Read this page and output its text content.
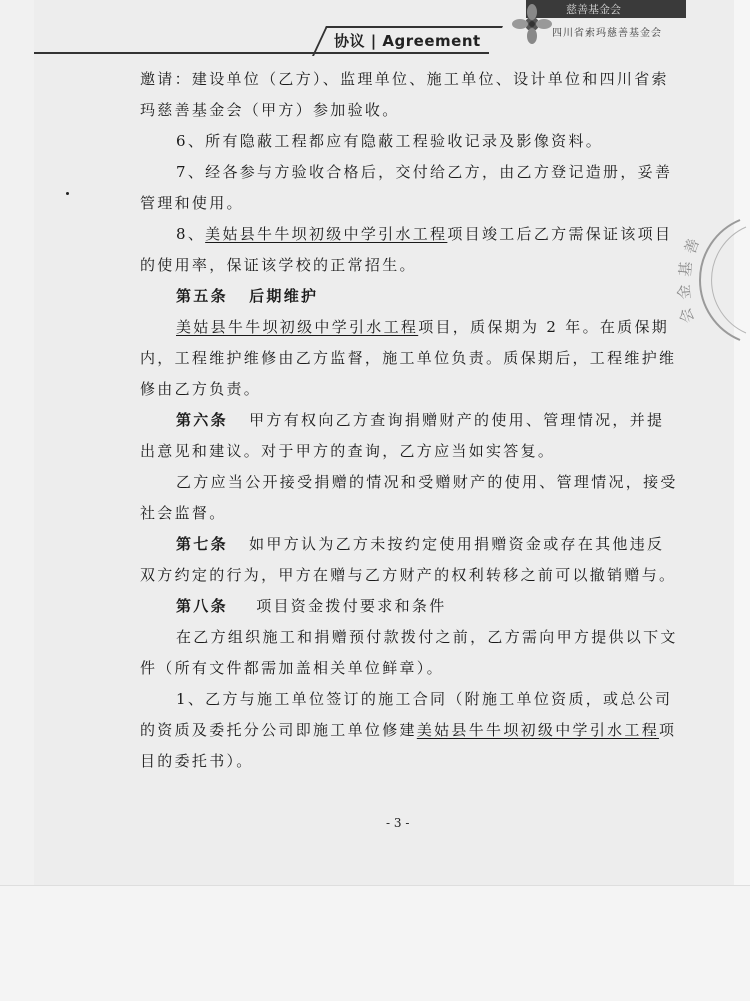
协议 | Agreement
慈善基金会
四川省索玛慈善基金会
善
基
金
会

邀请：建设单位（乙方）、监理单位、施工单位、设计单位和四川省索玛慈善基金会（甲方）参加验收。

6、所有隐蔽工程都应有隐蔽工程验收记录及影像资料。

7、经各参与方验收合格后，交付给乙方，由乙方登记造册，妥善管理和使用。

8、美姑县牛牛坝初级中学引水工程项目竣工后乙方需保证该项目的使用率，保证该学校的正常招生。

第五条 后期维护

美姑县牛牛坝初级中学引水工程项目，质保期为 2 年。在质保期内，工程维护维修由乙方监督，施工单位负责。质保期后，工程维护维修由乙方负责。

第六条 甲方有权向乙方查询捐赠财产的使用、管理情况，并提出意见和建议。对于甲方的查询，乙方应当如实答复。

乙方应当公开接受捐赠的情况和受赠财产的使用、管理情况，接受社会监督。

第七条 如甲方认为乙方未按约定使用捐赠资金或存在其他违反双方约定的行为，甲方在赠与乙方财产的权利转移之前可以撤销赠与。

第八条 项目资金拨付要求和条件

在乙方组织施工和捐赠预付款拨付之前，乙方需向甲方提供以下文件（所有文件都需加盖相关单位鲜章）。

1、乙方与施工单位签订的施工合同（附施工单位资质，或总公司的资质及委托分公司即施工单位修建美姑县牛牛坝初级中学引水工程项目的委托书）。

- 3 -
